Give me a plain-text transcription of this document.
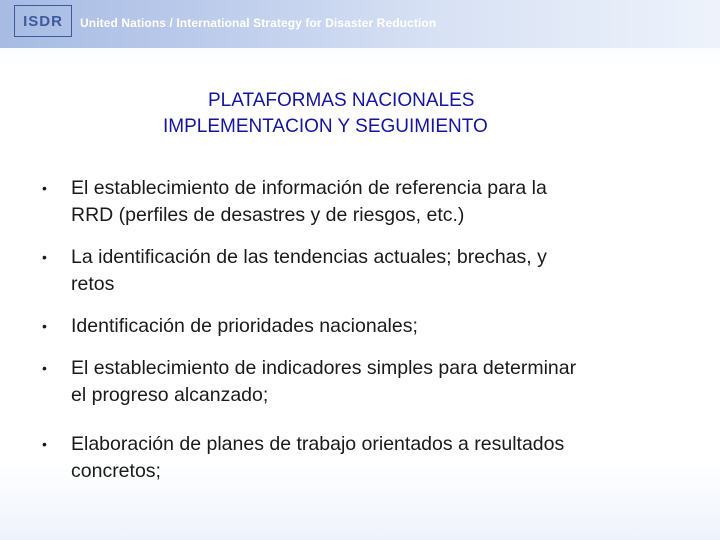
ISDR United Nations / International Strategy for Disaster Reduction
PLATAFORMAS NACIONALES
IMPLEMENTACION Y SEGUIMIENTO
• El establecimiento de información de referencia para la
RRD (perfiles de desastres y de riesgos, etc.)
• La identificación de las tendencias actuales; brechas, y
retos
• Identificación de prioridades nacionales;
• El establecimiento de indicadores simples para determinar
el progreso alcanzado;
• Elaboración de planes de trabajo orientados a resultados
concretos;
